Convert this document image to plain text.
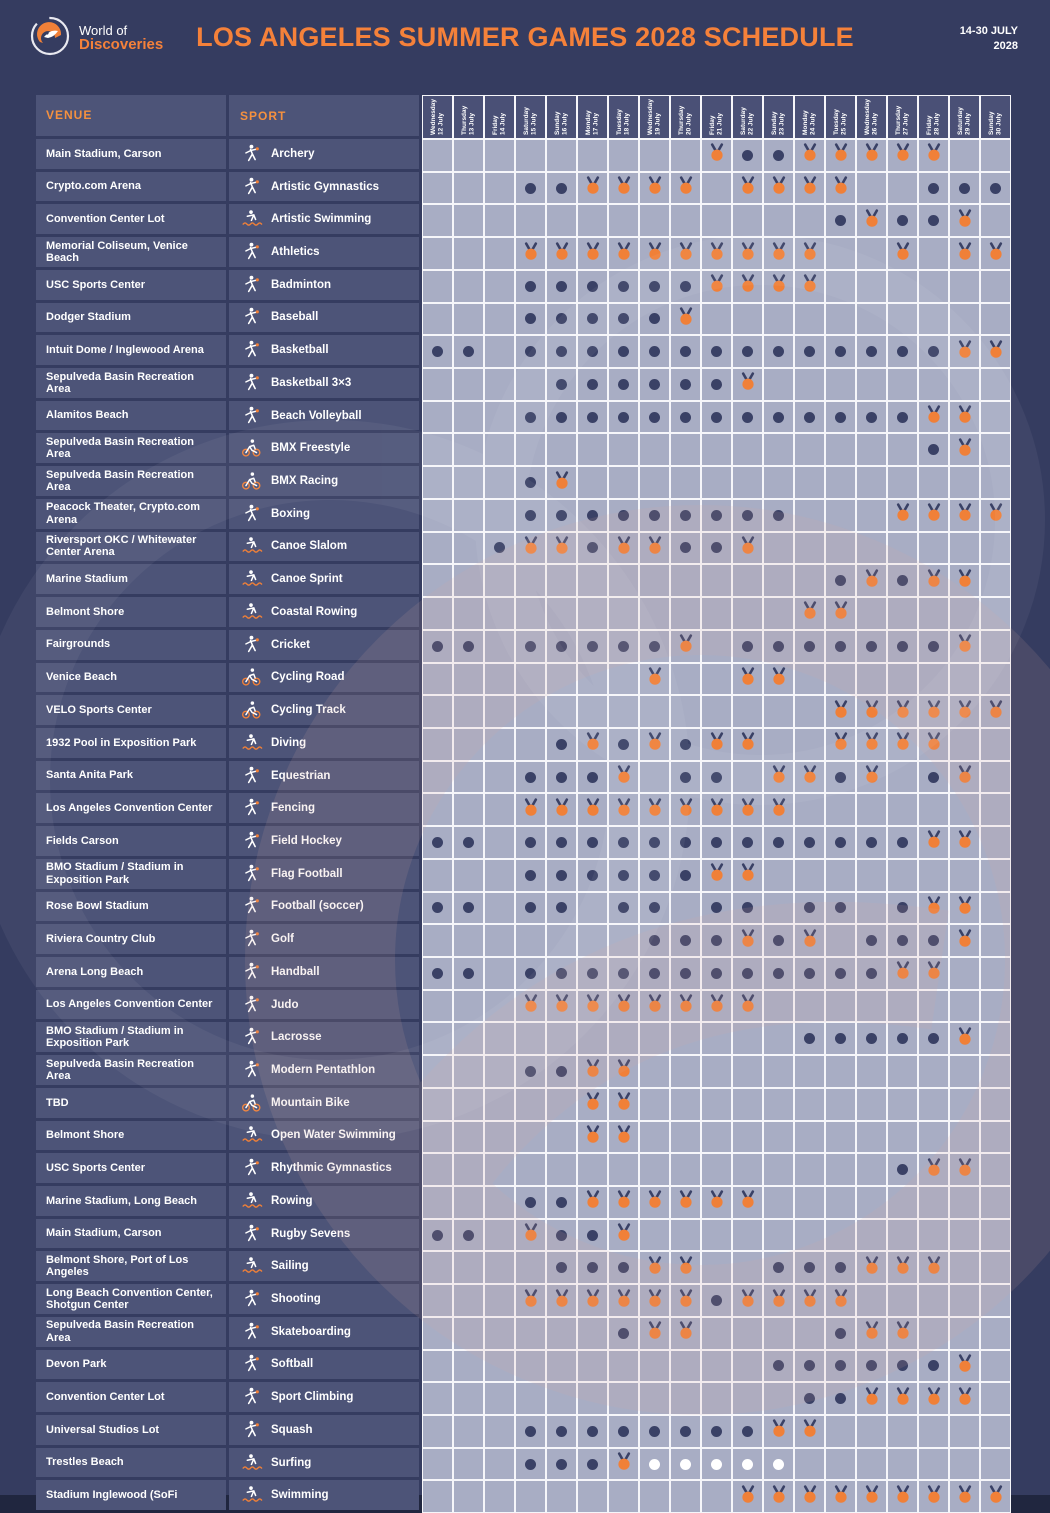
World of
Discoveries	LOS ANGELES SUMMER GAMES 2028 SCHEDULE	14-30 JULY
2028
VENUE	SPORT	Wednesday 12 July	Thursday 13 July	Friday 14 July	Saturday 15 July	Sunday 16 July	Monday 17 July	Tuesday 18 July	Wednesday 19 July	Thursday 20 July	Friday 21 July	Saturday 22 July	Sunday 23 July	Monday 24 July	Tuesday 25 July	Wednesday 26 July	Thursday 27 July	Friday 28 July	Saturday 29 July	Sunday 30 July
Main Stadium, Carson	Archery
Crypto.com Arena	Artistic Gymnastics
Convention Center Lot	Artistic Swimming
Memorial Coliseum, Venice Beach	Athletics
USC Sports Center	Badminton
Dodger Stadium	Baseball
Intuit Dome / Inglewood Arena	Basketball
Sepulveda Basin Recreation Area	Basketball 3×3
Alamitos Beach	Beach Volleyball
Sepulveda Basin Recreation Area	BMX Freestyle
Sepulveda Basin Recreation Area	BMX Racing
Peacock Theater, Crypto.com Arena	Boxing
Riversport OKC / Whitewater Center Arena	Canoe Slalom
Marine Stadium	Canoe Sprint
Belmont Shore	Coastal Rowing
Fairgrounds	Cricket
Venice Beach	Cycling Road
VELO Sports Center	Cycling Track
1932 Pool in Exposition Park	Diving
Santa Anita Park	Equestrian
Los Angeles Convention Center	Fencing
Fields Carson	Field Hockey
BMO Stadium / Stadium in Exposition Park	Flag Football
Rose Bowl Stadium	Football (soccer)
Riviera Country Club	Golf
Arena Long Beach	Handball
Los Angeles Convention Center	Judo
BMO Stadium / Stadium in Exposition Park	Lacrosse
Sepulveda Basin Recreation Area	Modern Pentathlon
TBD	Mountain Bike
Belmont Shore	Open Water Swimming
USC Sports Center	Rhythmic Gymnastics
Marine Stadium, Long Beach	Rowing
Main Stadium, Carson	Rugby Sevens
Belmont Shore, Port of Los Angeles	Sailing
Long Beach Convention Center, Shotgun Center	Shooting
Sepulveda Basin Recreation Area	Skateboarding
Devon Park	Softball
Convention Center Lot	Sport Climbing
Universal Studios Lot	Squash
Trestles Beach	Surfing
Stadium Inglewood (SoFi	Swimming
